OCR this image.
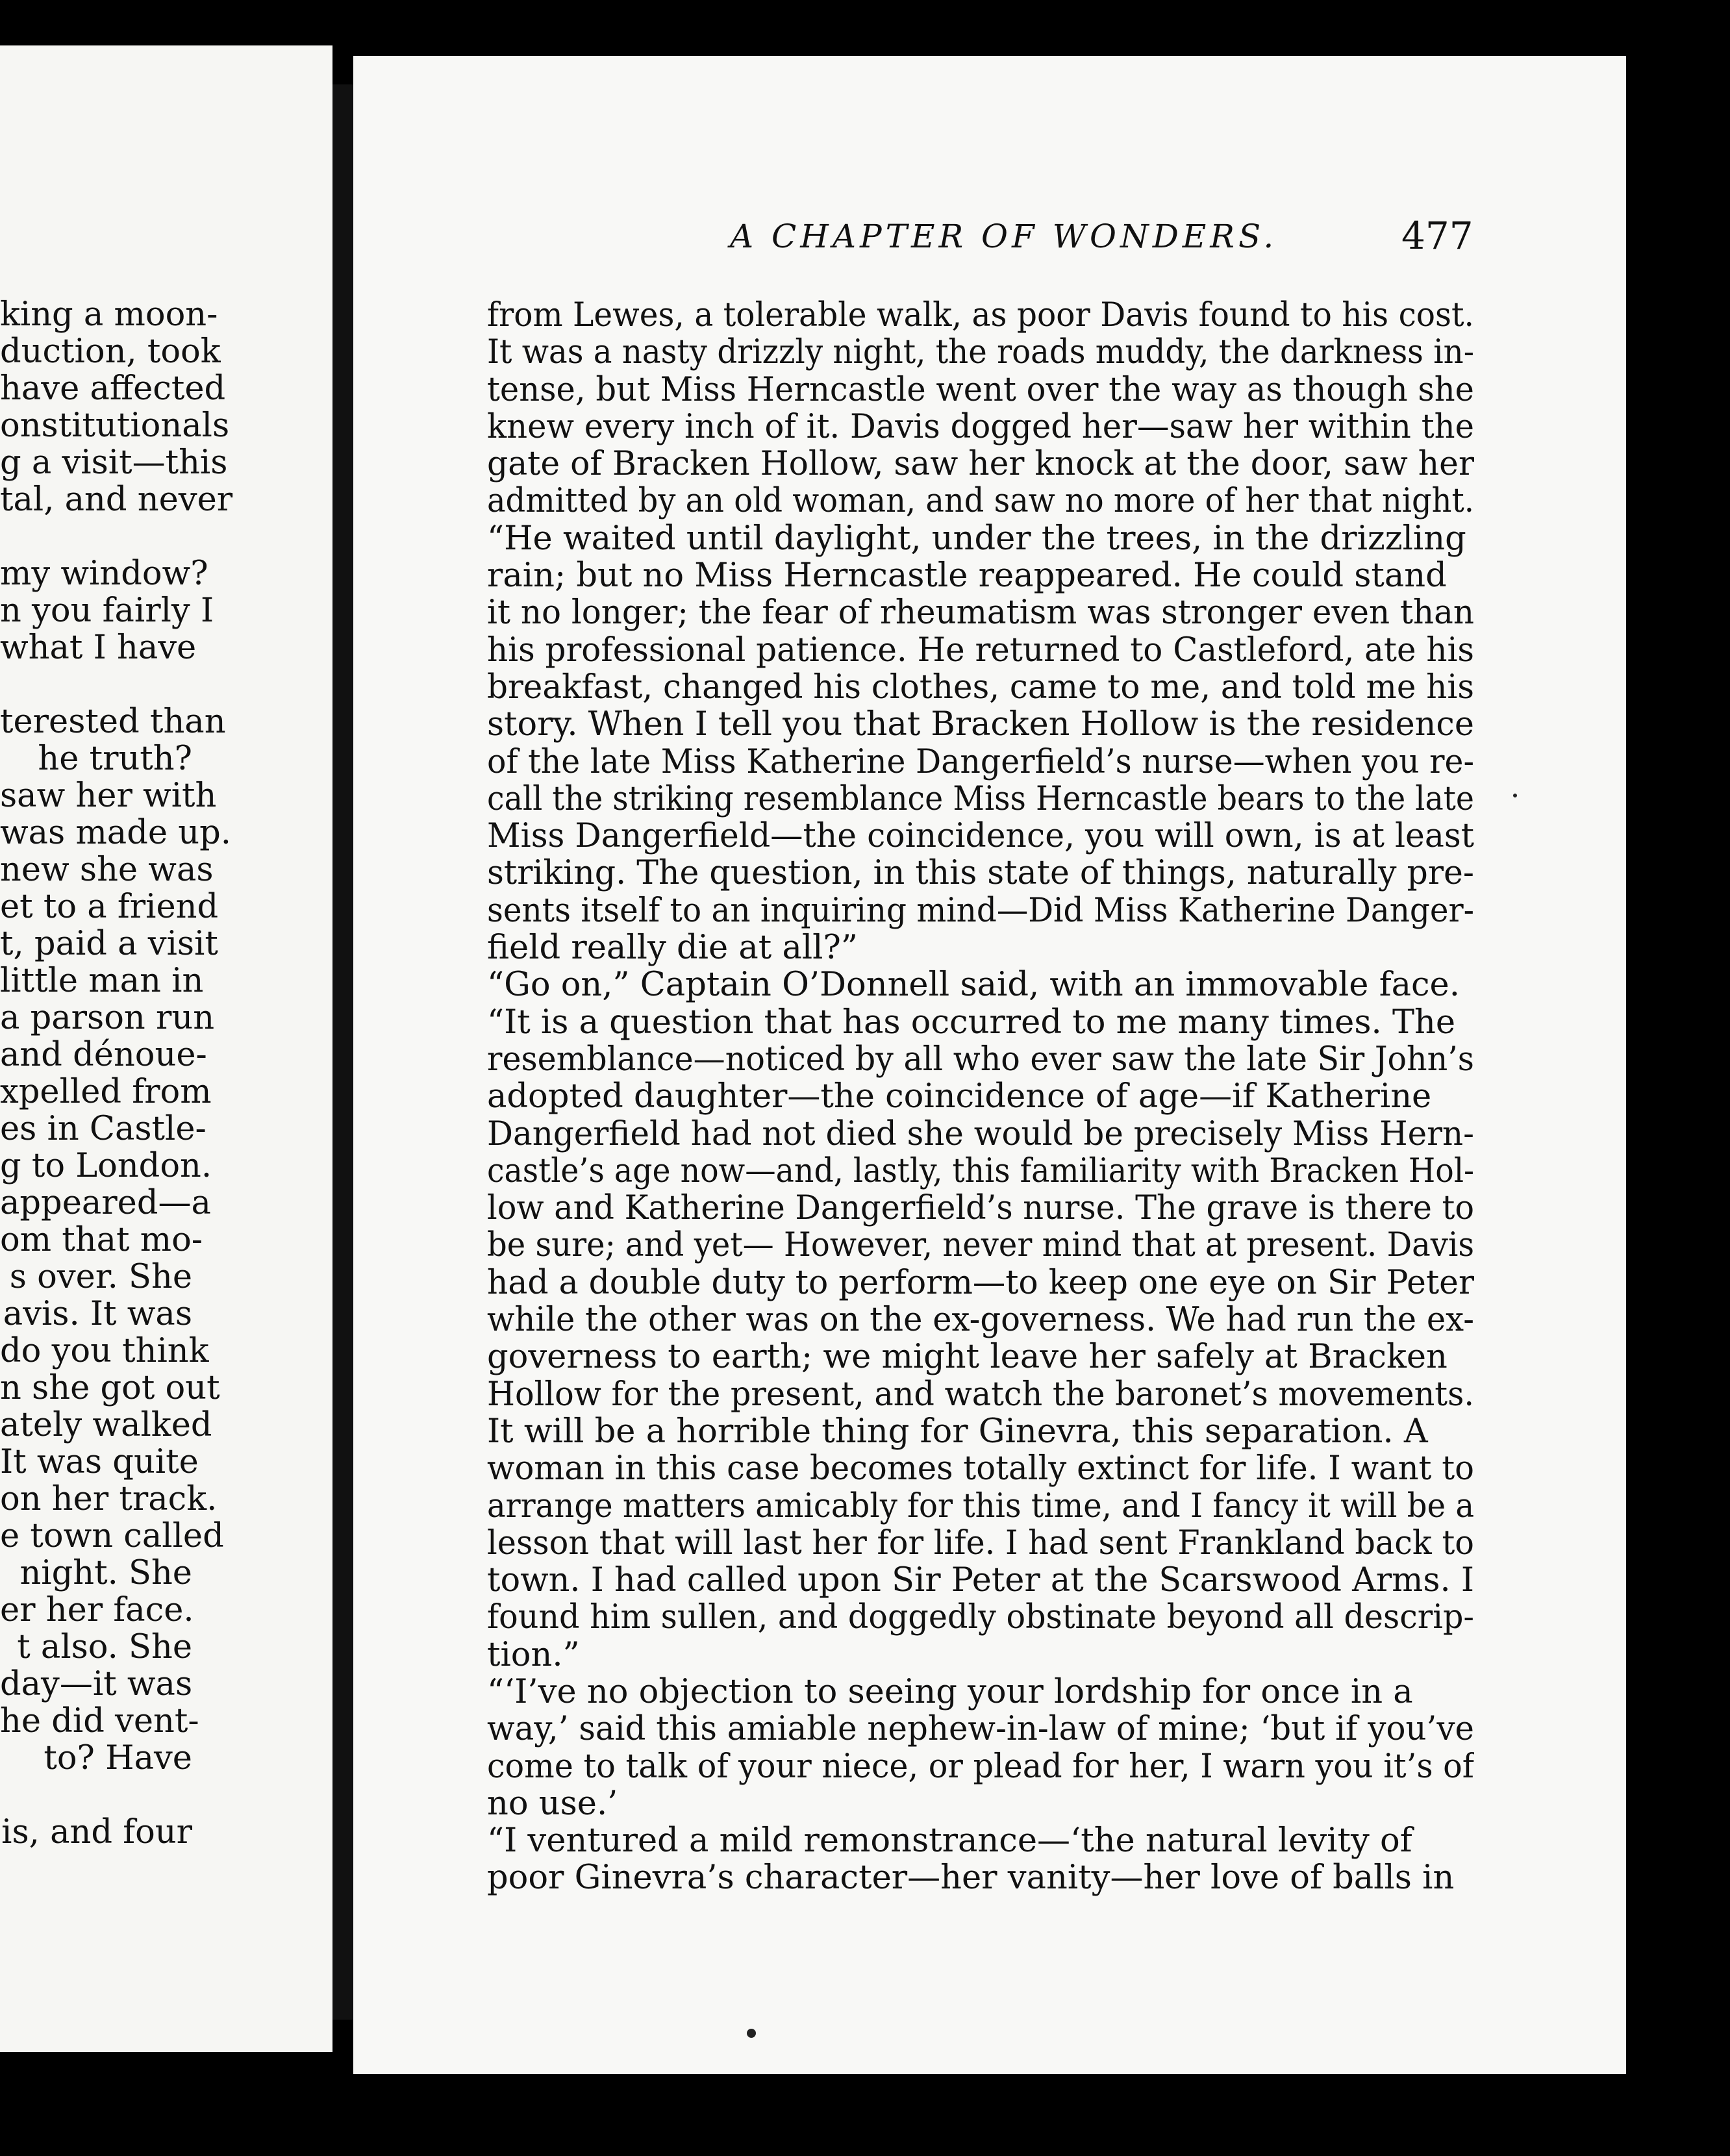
king a moon-
duction, took
have affected
onstitutionals
g a visit—this
tal, and never
my window?
n you fairly I
what I have
terested than
he truth?
saw her with
was made up.
new she was
et to a friend
t, paid a visit
little man in
a parson run
and dénoue-
xpelled from
es in Castle-
g to London.
appeared—a
om that mo-
s over. She
avis. It was
do you think
n she got out
ately walked
It was quite
on her track.
e town called
night. She
er her face.
t also. She
day—it was
he did vent-
to? Have
is, and four
A CHAPTER OF WONDERS.	477
from Lewes, a tolerable walk, as poor Davis found to his cost.
It was a nasty drizzly night, the roads muddy, the darkness in-
tense, but Miss Herncastle went over the way as though she
knew every inch of it. Davis dogged her—saw her within the
gate of Bracken Hollow, saw her knock at the door, saw her
admitted by an old woman, and saw no more of her that night.
“He waited until daylight, under the trees, in the drizzling
rain; but no Miss Herncastle reappeared. He could stand
it no longer; the fear of rheumatism was stronger even than
his professional patience. He returned to Castleford, ate his
breakfast, changed his clothes, came to me, and told me his
story. When I tell you that Bracken Hollow is the residence
of the late Miss Katherine Dangerfield’s nurse—when you re-
call the striking resemblance Miss Herncastle bears to the late
Miss Dangerfield—the coincidence, you will own, is at least
striking. The question, in this state of things, naturally pre-
sents itself to an inquiring mind—Did Miss Katherine Danger-
field really die at all?”
“Go on,” Captain O’Donnell said, with an immovable face.
“It is a question that has occurred to me many times. The
resemblance—noticed by all who ever saw the late Sir John’s
adopted daughter—the coincidence of age—if Katherine
Dangerfield had not died she would be precisely Miss Hern-
castle’s age now—and, lastly, this familiarity with Bracken Hol-
low and Katherine Dangerfield’s nurse. The grave is there to
be sure; and yet— However, never mind that at present. Davis
had a double duty to perform—to keep one eye on Sir Peter
while the other was on the ex-governess. We had run the ex-
governess to earth; we might leave her safely at Bracken
Hollow for the present, and watch the baronet’s movements.
It will be a horrible thing for Ginevra, this separation. A
woman in this case becomes totally extinct for life. I want to
arrange matters amicably for this time, and I fancy it will be a
lesson that will last her for life. I had sent Frankland back to
town. I had called upon Sir Peter at the Scarswood Arms. I
found him sullen, and doggedly obstinate beyond all descrip-
tion.”
“‘I’ve no objection to seeing your lordship for once in a
way,’ said this amiable nephew-in-law of mine; ‘but if you’ve
come to talk of your niece, or plead for her, I warn you it’s of
no use.’
“I ventured a mild remonstrance—‘the natural levity of
poor Ginevra’s character—her vanity—her love of balls in
